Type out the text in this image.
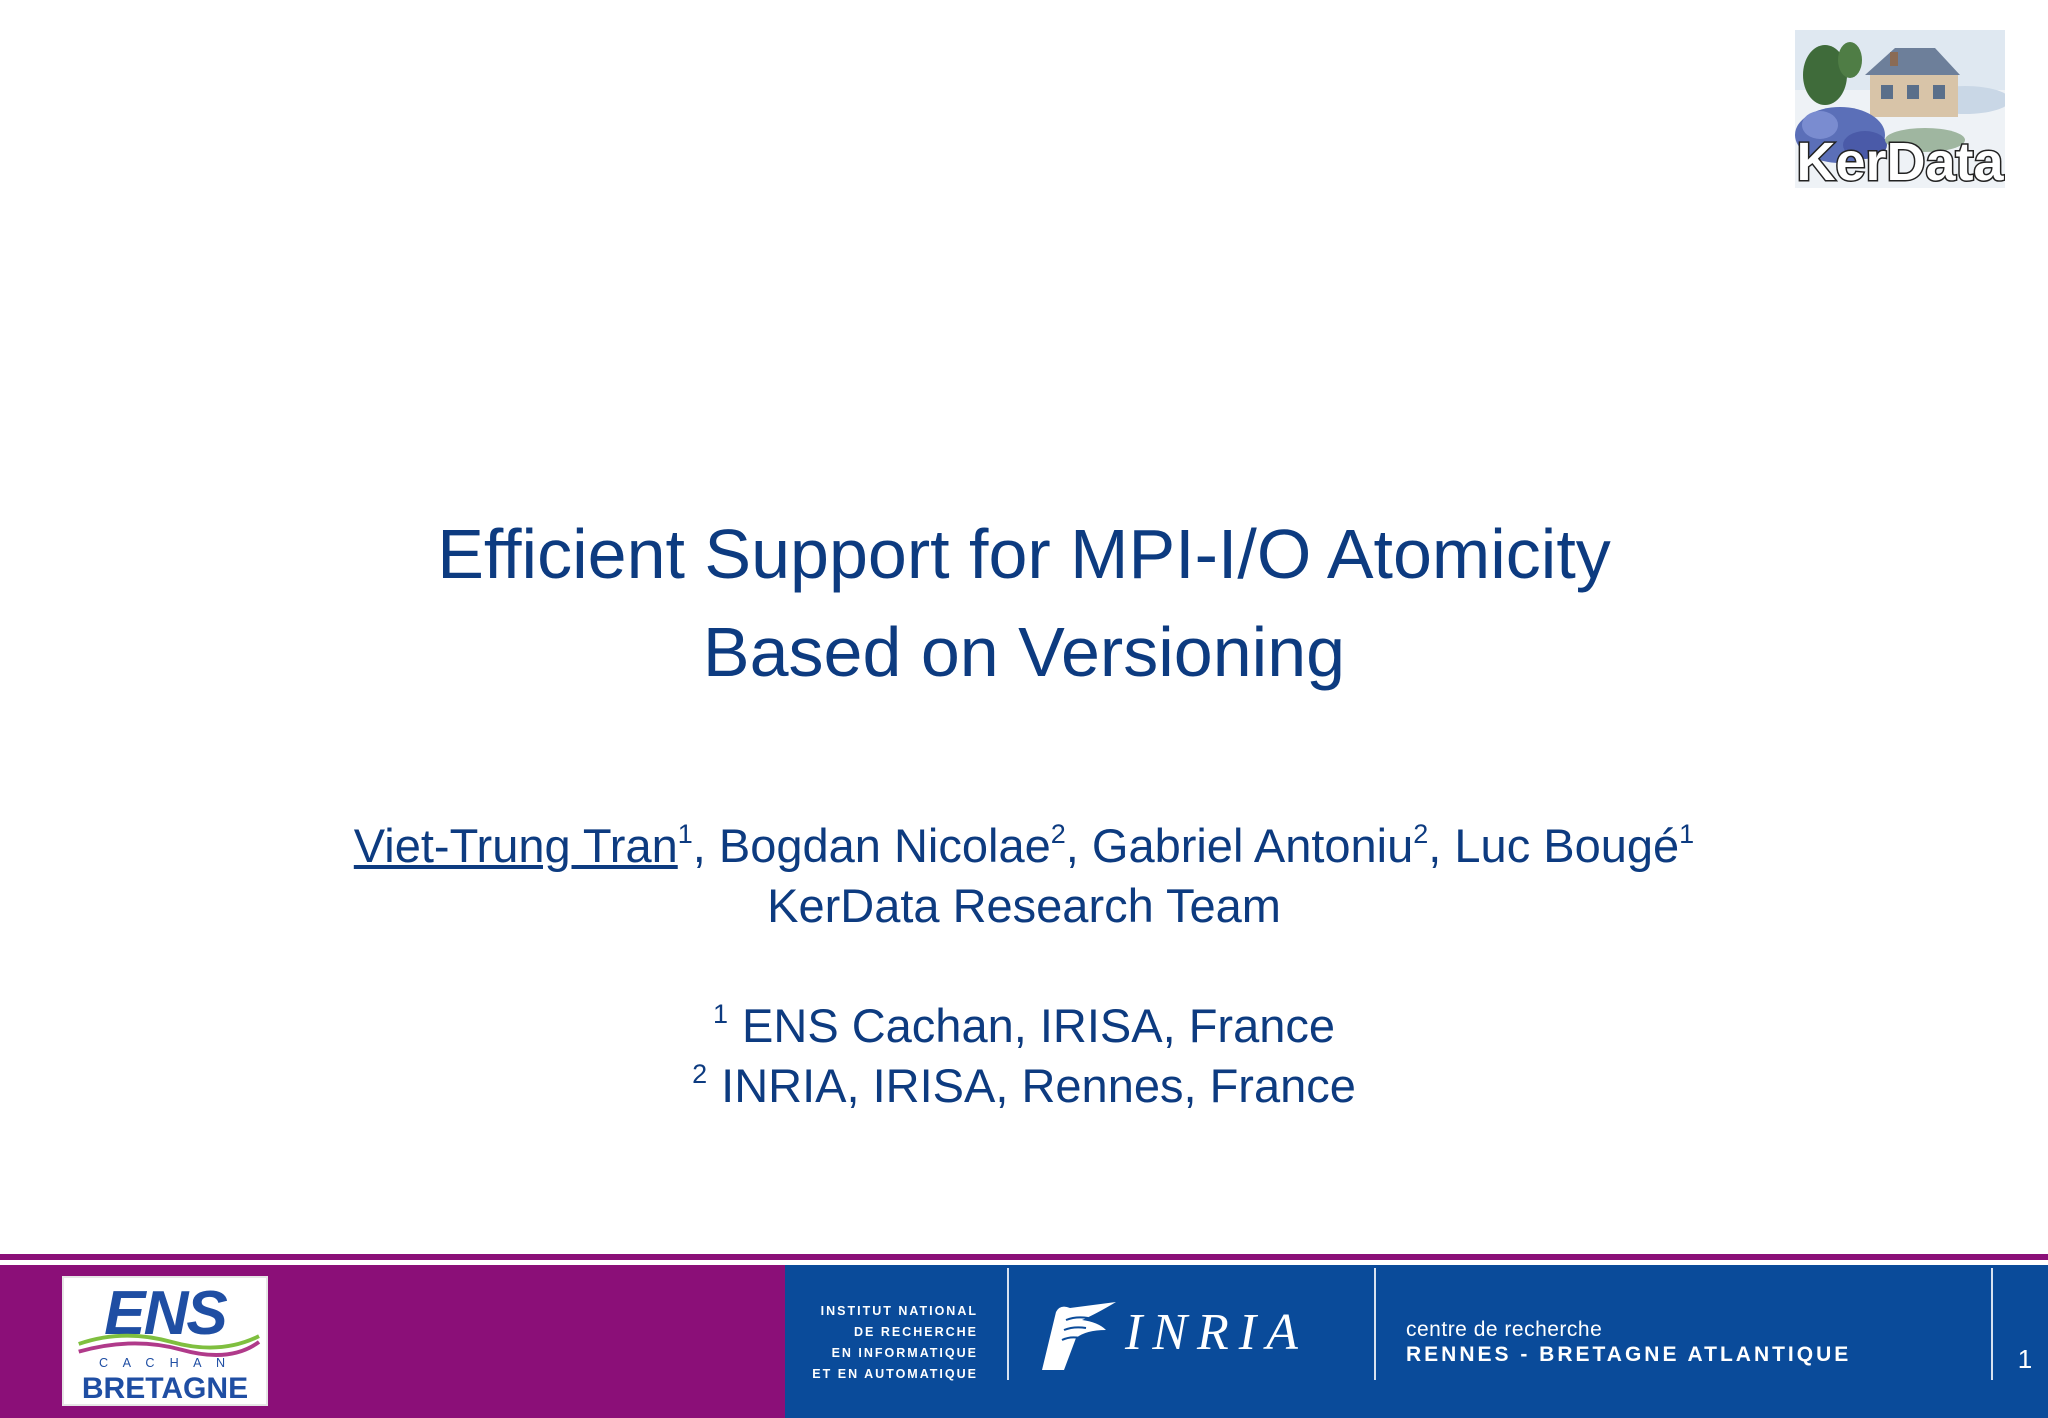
KerData
Efficient Support for MPI-I/O Atomicity
Based on Versioning
Viet-Trung Tran$^1$, Bogdan Nicolae$^2$, Gabriel Antoniu$^2$, Luc Bougé$^1$
KerData Research Team
$^1$ ENS Cachan, IRISA, France
$^2$ INRIA, IRISA, Rennes, France
ENS
C A C H A N
BRETAGNE
INSTITUT NATIONAL
DE RECHERCHE
EN INFORMATIQUE
ET EN AUTOMATIQUE
INRIA	centre de recherche
RENNES - BRETAGNE ATLANTIQUE	1
